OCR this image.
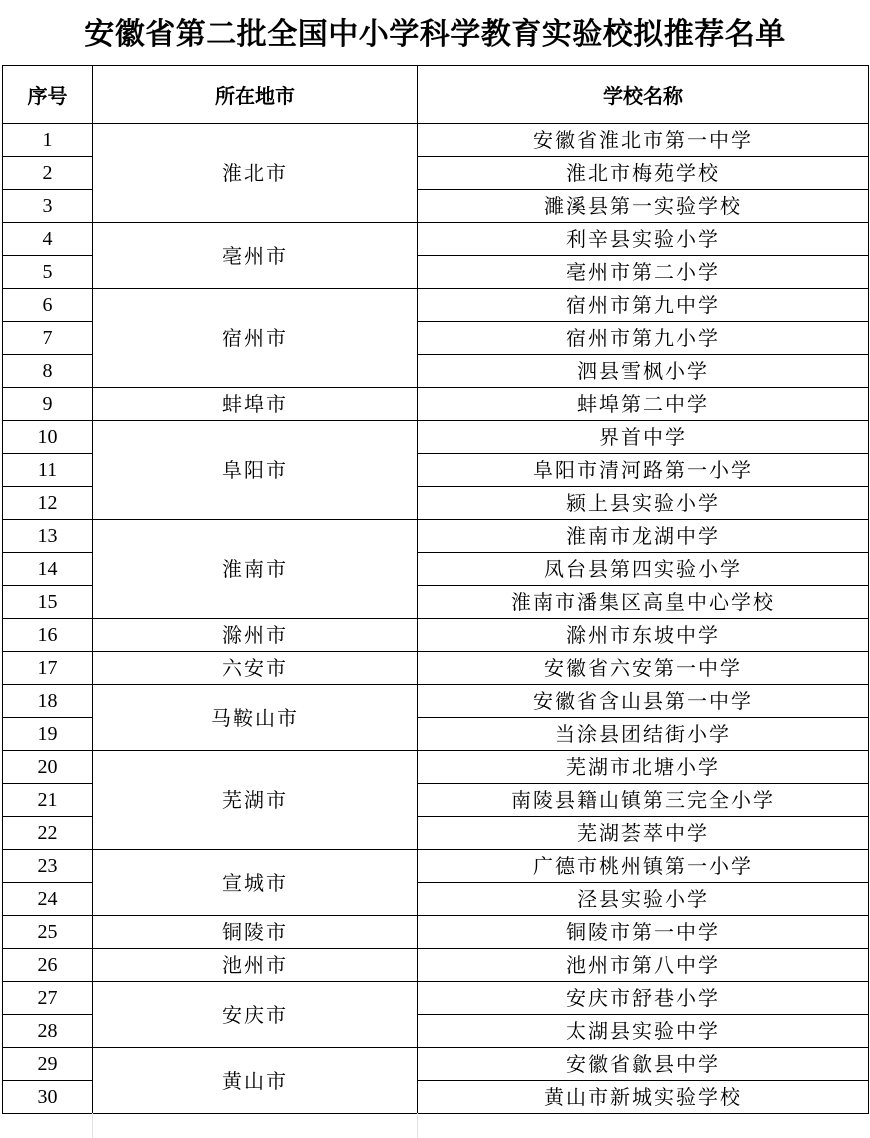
安徽省第二批全国中小学科学教育实验校拟推荐名单
序号	所在地市	学校名称
1	淮北市	安徽省淮北市第一中学
2		淮北市梅苑学校
3		濉溪县第一实验学校
4	亳州市	利辛县实验小学
5		亳州市第二小学
6	宿州市	宿州市第九中学
7		宿州市第九小学
8		泗县雪枫小学
9	蚌埠市	蚌埠第二中学
10	阜阳市	界首中学
11		阜阳市清河路第一小学
12		颍上县实验小学
13	淮南市	淮南市龙湖中学
14		凤台县第四实验小学
15		淮南市潘集区高皇中心学校
16	滁州市	滁州市东坡中学
17	六安市	安徽省六安第一中学
18	马鞍山市	安徽省含山县第一中学
19		当涂县团结街小学
20	芜湖市	芜湖市北塘小学
21		南陵县籍山镇第三完全小学
22		芜湖荟萃中学
23	宣城市	广德市桃州镇第一小学
24		泾县实验小学
25	铜陵市	铜陵市第一中学
26	池州市	池州市第八中学
27	安庆市	安庆市舒巷小学
28		太湖县实验中学
29	黄山市	安徽省歙县中学
30		黄山市新城实验学校
